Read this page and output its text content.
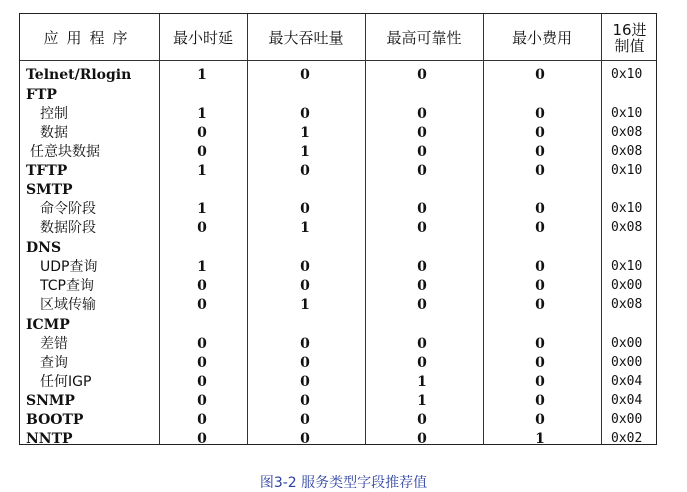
应用程序	最小时延	最大吞吐量	最高可靠性	最小费用	16进
制值
Telnet/Rlogin	1	0	0	0	0x10
FTP
控制	1	0	0	0	0x10
数据	0	1	0	0	0x08
任意块数据	0	1	0	0	0x08
TFTP	1	0	0	0	0x10
SMTP
命令阶段	1	0	0	0	0x10
数据阶段	0	1	0	0	0x08
DNS
UDP查询	1	0	0	0	0x10
TCP查询	0	0	0	0	0x00
区域传输	0	1	0	0	0x08
ICMP
差错	0	0	0	0	0x00
查询	0	0	0	0	0x00
任何IGP	0	0	1	0	0x04
SNMP	0	0	1	0	0x04
BOOTP	0	0	0	0	0x00
NNTP	0	0	0	1	0x02
图3-2 服务类型字段推荐值
